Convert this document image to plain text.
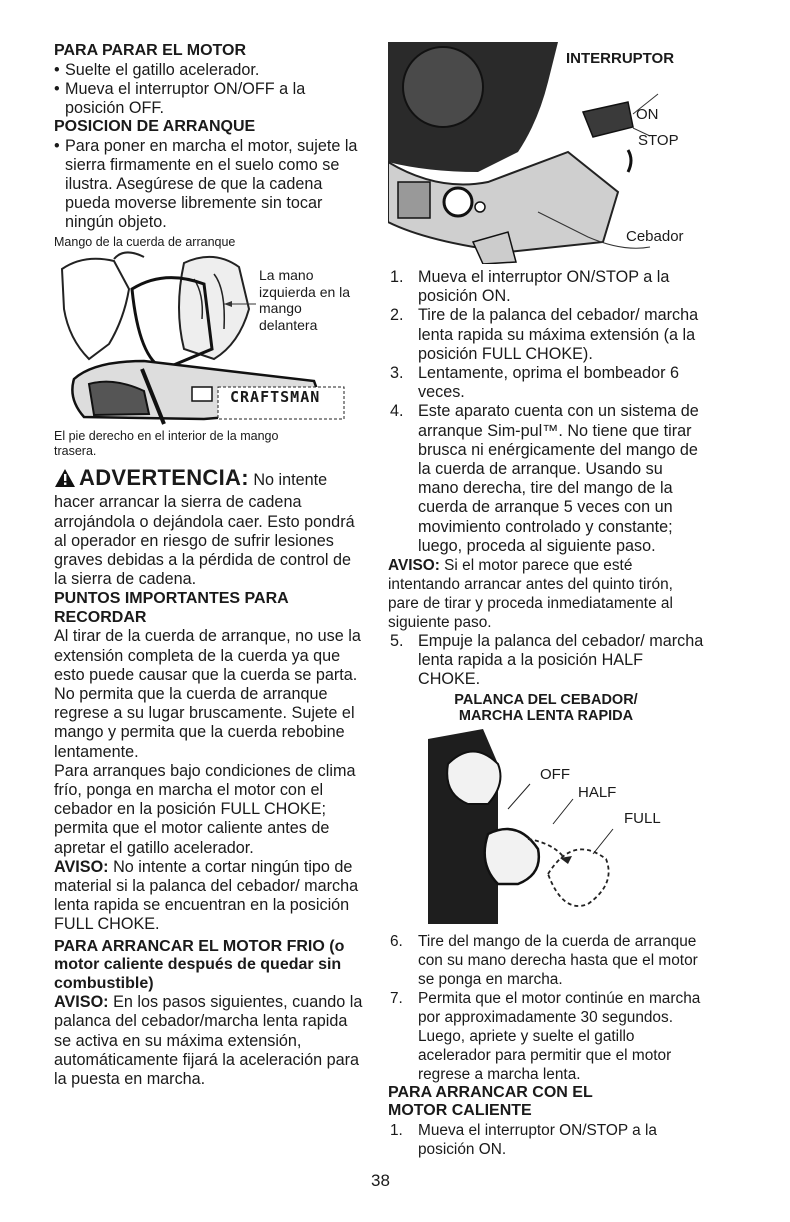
PARA PARAR EL MOTOR

• Suelte el gatillo acelerador.
• Mueva el interruptor ON/OFF a la posición OFF.

POSICION DE ARRANQUE

• Para poner en marcha el motor, sujete la sierra firmamente en el suelo como se ilustra. Asegúrese de que la cadena pueda moverse libremente sin tocar ningún objeto.
Mango de la cuerda de arranque
CRAFTSMAN
La mano izquierda en la mango delantera
El pie derecho en el interior de la mango trasera.

ADVERTENCIA: No intente hacer arrancar la sierra de cadena arrojándola o dejándola caer. Esto pondrá al operador en riesgo de sufrir lesiones graves debidas a la pérdida de control de la sierra de cadena.

PUNTOS IMPORTANTES PARA RECORDAR

Al tirar de la cuerda de arranque, no use la extensión completa de la cuerda ya que esto puede causar que la cuerda se parta. No permita que la cuerda de arranque regrese a su lugar bruscamente. Sujete el mango y permita que la cuerda rebobine lentamente.

Para arranques bajo condiciones de clima frío, ponga en marcha el motor con el cebador en la posición FULL CHOKE; permita que el motor caliente antes de apretar el gatillo acelerador.

AVISO: No intente a cortar ningún tipo de material si la palanca del cebador/ marcha lenta rapida se encuentran en la posición FULL CHOKE.

PARA ARRANCAR EL MOTOR FRIO (o motor caliente después de quedar sin combustible)

AVISO: En los pasos siguientes, cuando la palanca del cebador/marcha lenta rapida se activa en su máxima extensión, automáticamente fijará la aceleración para la puesta en marcha.

INTERRUPTOR
ON
STOP
Cebador
1. Mueva el interruptor ON/STOP a la posición ON.
2. Tire de la palanca del cebador/ marcha lenta rapida su máxima extensión (a la posición FULL CHOKE).
3. Lentamente, oprima el bombeador 6 veces.
4. Este aparato cuenta con un sistema de arranque Sim-pul™. No tiene que tirar brusca ni enérgicamente del mango de la cuerda de arranque. Usando su mano derecha, tire del mango de la cuerda de arranque 5 veces con un movimiento controlado y constante; luego, proceda al siguiente paso.

AVISO: Si el motor parece que esté intentando arrancar antes del quinto tirón, pare de tirar y proceda inmediatamente al siguiente paso.

5. Empuje la palanca del cebador/ marcha lenta rapida a la posición HALF CHOKE.
PALANCA DEL CEBADOR/
MARCHA LENTA RAPIDA
OFF
HALF
FULL
6. Tire del mango de la cuerda de arranque con su mano derecha hasta que el motor se ponga en marcha.
7. Permita que el motor continúe en marcha por approximadamente 30 segundos. Luego, apriete y suelte el gatillo acelerador para permitir que el motor regrese a marcha lenta.

PARA ARRANCAR CON EL MOTOR CALIENTE

1. Mueva el interruptor ON/STOP a la posición ON.
38
